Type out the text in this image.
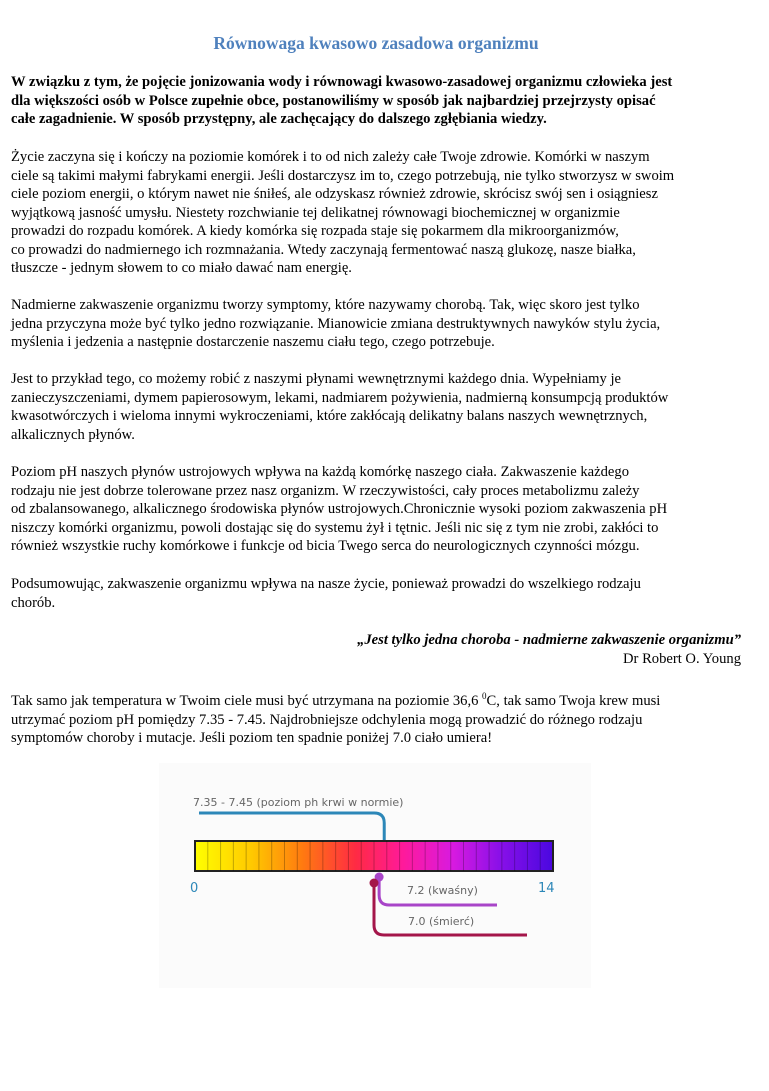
Równowaga kwasowo zasadowa organizmu
W związku z tym, że pojęcie jonizowania wody i równowagi kwasowo-zasadowej organizmu człowieka jest
dla większości osób w Polsce zupełnie obce, postanowiliśmy w sposób jak najbardziej przejrzysty opisać
całe zagadnienie. W sposób przystępny, ale zachęcający do dalszego zgłębiania wiedzy.
Życie zaczyna się i kończy na poziomie komórek i to od nich zależy całe Twoje zdrowie. Komórki w naszym
ciele są takimi małymi fabrykami energii. Jeśli dostarczysz im to, czego potrzebują, nie tylko stworzysz w swoim
ciele poziom energii, o którym nawet nie śniłeś, ale odzyskasz również zdrowie, skrócisz swój sen i osiągniesz
wyjątkową jasność umysłu. Niestety rozchwianie tej delikatnej równowagi biochemicznej w organizmie
prowadzi do rozpadu komórek. A kiedy komórka się rozpada staje się pokarmem dla mikroorganizmów,
co prowadzi do nadmiernego ich rozmnażania. Wtedy zaczynają fermentować naszą glukozę, nasze białka,
tłuszcze - jednym słowem to co miało dawać nam energię.
Nadmierne zakwaszenie organizmu tworzy symptomy, które nazywamy chorobą. Tak, więc skoro jest tylko
jedna przyczyna może być tylko jedno rozwiązanie. Mianowicie zmiana destruktywnych nawyków stylu życia,
myślenia i jedzenia a następnie dostarczenie naszemu ciału tego, czego potrzebuje.
Jest to przykład tego, co możemy robić z naszymi płynami wewnętrznymi każdego dnia. Wypełniamy je
zanieczyszczeniami, dymem papierosowym, lekami, nadmiarem pożywienia, nadmierną konsumpcją produktów
kwasotwórczych i wieloma innymi wykroczeniami, które zakłócają delikatny balans naszych wewnętrznych,
alkalicznych płynów.
Poziom pH naszych płynów ustrojowych wpływa na każdą komórkę naszego ciała. Zakwaszenie każdego
rodzaju nie jest dobrze tolerowane przez nasz organizm. W rzeczywistości, cały proces metabolizmu zależy
od zbalansowanego, alkalicznego środowiska płynów ustrojowych.Chronicznie wysoki poziom zakwaszenia pH
niszczy komórki organizmu, powoli dostając się do systemu żył i tętnic. Jeśli nic się z tym nie zrobi, zakłóci to
również wszystkie ruchy komórkowe i funkcje od bicia Twego serca do neurologicznych czynności mózgu.
Podsumowując, zakwaszenie organizmu wpływa na nasze życie, ponieważ prowadzi do wszelkiego rodzaju
chorób.
„Jest tylko jedna choroba - nadmierne zakwaszenie organizmu”
Dr Robert O. Young
Tak samo jak temperatura w Twoim ciele musi być utrzymana na poziomie 36,6 $^0$C, tak samo Twoja krew musi
utrzymać poziom pH pomiędzy 7.35 - 7.45. Najdrobniejsze odchylenia mogą prowadzić do różnego rodzaju
symptomów choroby i mutacje. Jeśli poziom ten spadnie poniżej 7.0 ciało umiera!
7.35 - 7.45 (poziom ph krwi w normie)
0	14
7.2 (kwaśny)
7.0 (śmierć)
